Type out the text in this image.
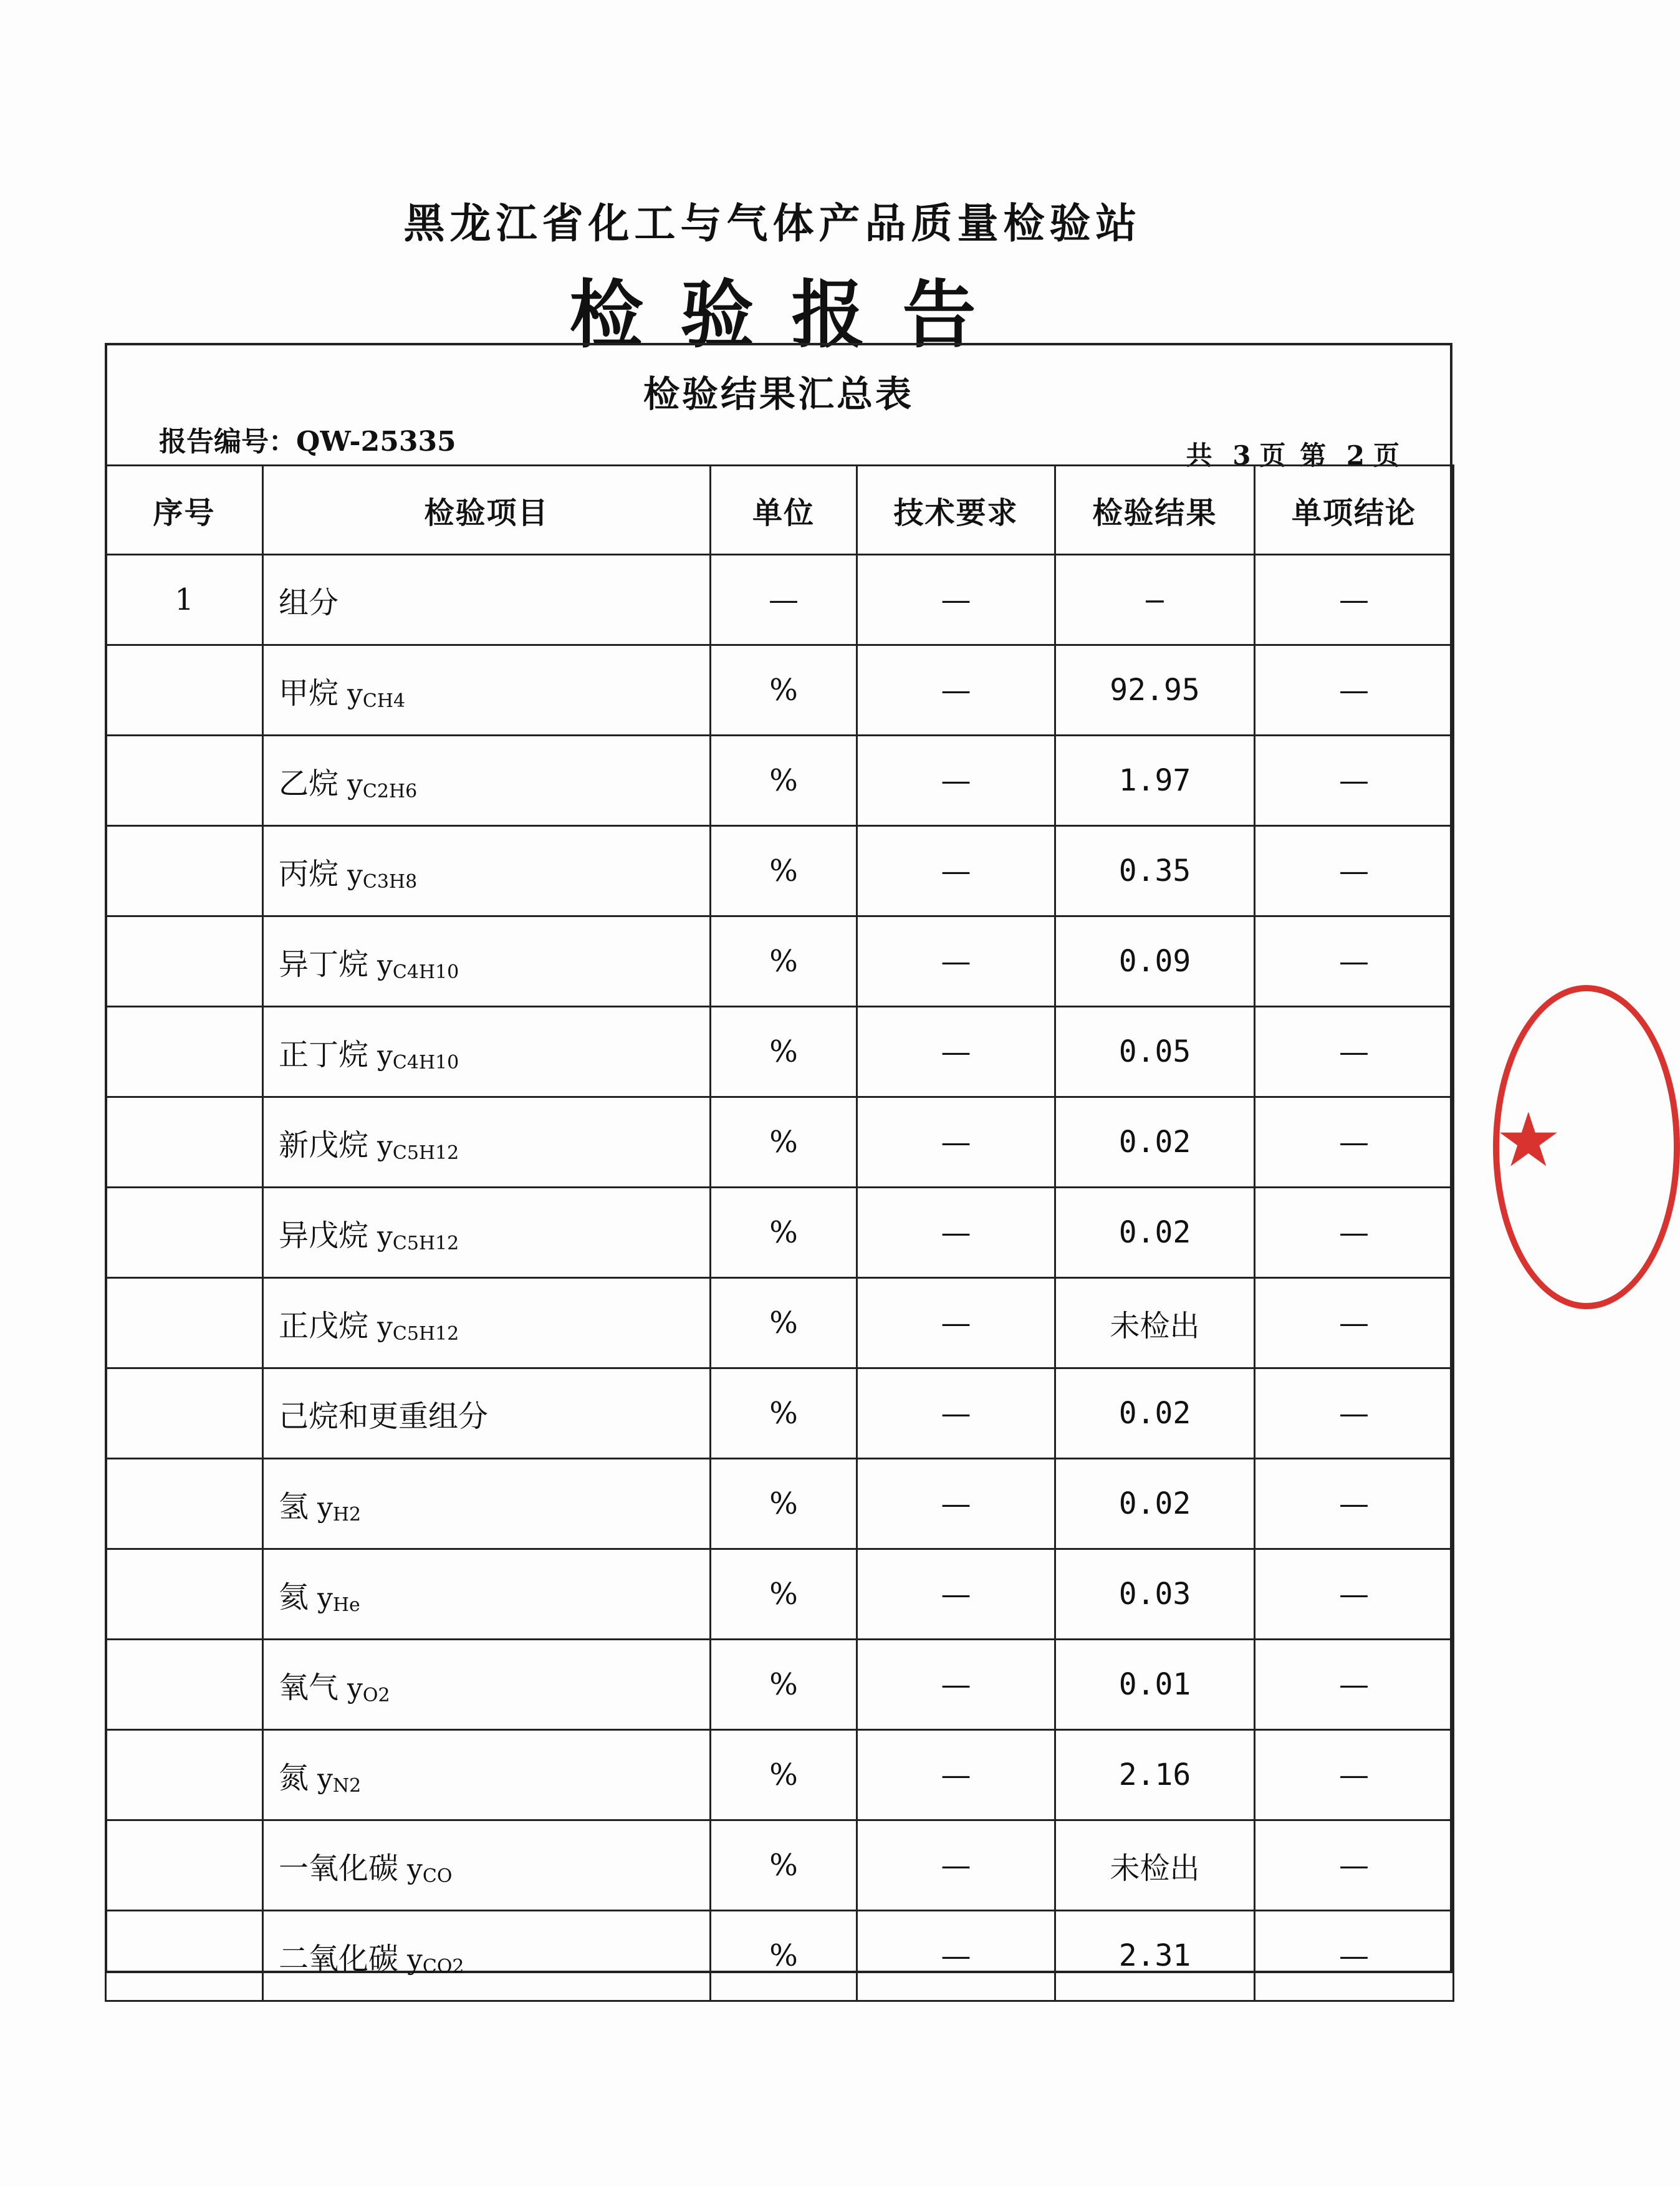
黑龙江省化工与气体产品质量检验站
检验报告
检验结果汇总表
报告编号：QW-25335	共 3 页 第 2 页
序号	检验项目	单位	技术要求	检验结果	单项结论
1	组分	—	—	—	—
	甲烷 $y_{CH4}$	%	—	92.95	—
	乙烷 $y_{C2H6}$	%	—	1.97	—
	丙烷 $y_{C3H8}$	%	—	0.35	—
	异丁烷 $y_{C4H10}$	%	—	0.09	—
	正丁烷 $y_{C4H10}$	%	—	0.05	—
	新戊烷 $y_{C5H12}$	%	—	0.02	—
	异戊烷 $y_{C5H12}$	%	—	0.02	—
	正戊烷 $y_{C5H12}$	%	—	未检出	—
	己烷和更重组分	%	—	0.02	—
	氢 $y_{H2}$	%	—	0.02	—
	氦 $y_{He}$	%	—	0.03	—
	氧气 $y_{O2}$	%	—	0.01	—
	氮 $y_{N2}$	%	—	2.16	—
	一氧化碳 $y_{CO}$	%	—	未检出	—
	二氧化碳 $y_{CO2}$	%	—	2.31	—
★
